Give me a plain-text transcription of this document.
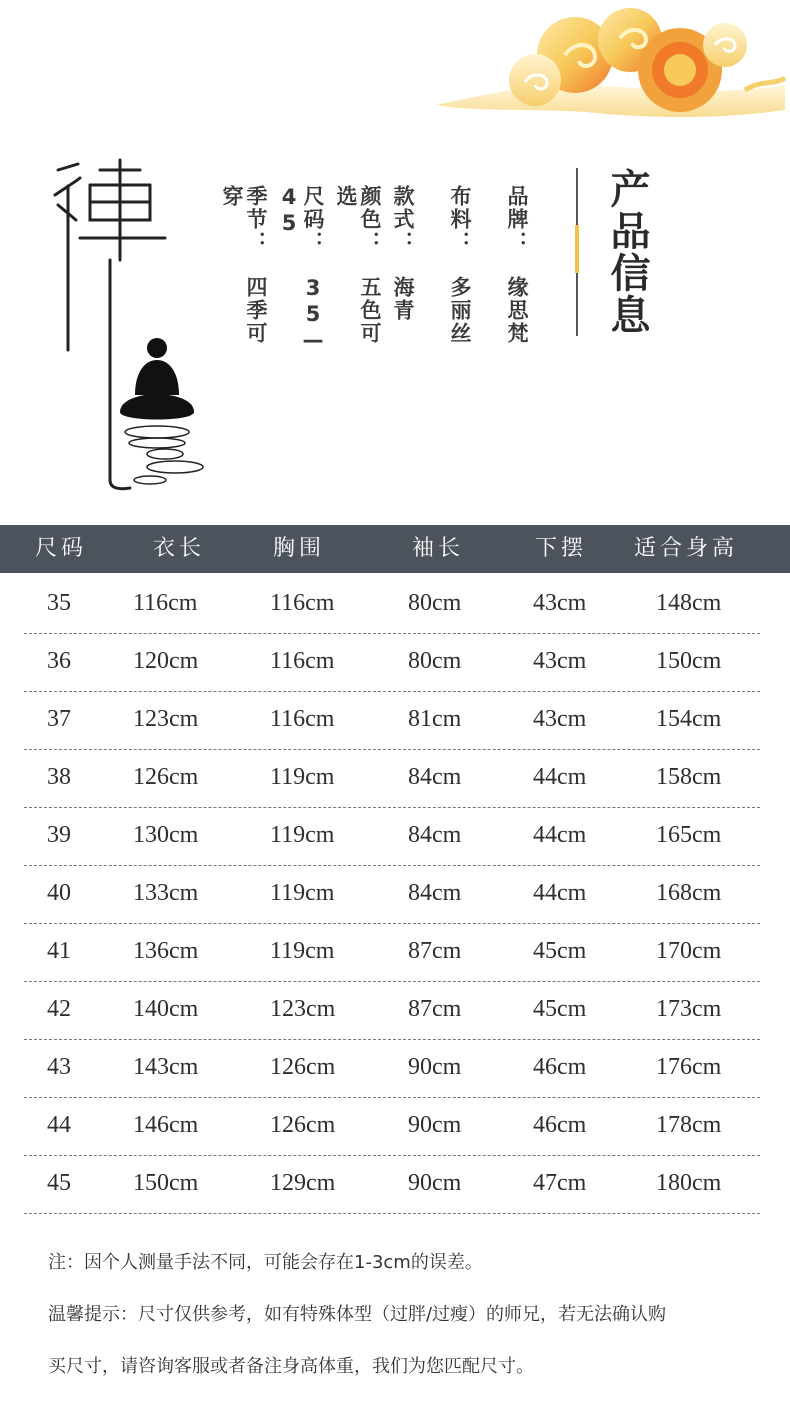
品牌：缘思梵
布料：多丽丝
款式：海青
颜色：五色可选
尺码：35—45
季节：四季可穿	产品信息
尺码	衣长	胸围	袖长	下摆 适合身高
35	116cm	116cm	80cm	43cm	148cm
36	120cm	116cm	80cm	43cm	150cm
37	123cm	116cm	81cm	43cm	154cm
38	126cm	119cm	84cm	44cm	158cm
39	130cm	119cm	84cm	44cm	165cm
40	133cm	119cm	84cm	44cm	168cm
41	136cm	119cm	87cm	45cm	170cm
42	140cm	123cm	87cm	45cm	173cm
43	143cm	126cm	90cm	46cm	176cm
44	146cm	126cm	90cm	46cm	178cm
45	150cm	129cm	90cm	47cm	180cm

注：因个人测量手法不同，可能会存在1-3cm的误差。

温馨提示：尺寸仅供参考，如有特殊体型（过胖/过瘦）的师兄，若无法确认购

买尺寸，请咨询客服或者备注身高体重，我们为您匹配尺寸。
